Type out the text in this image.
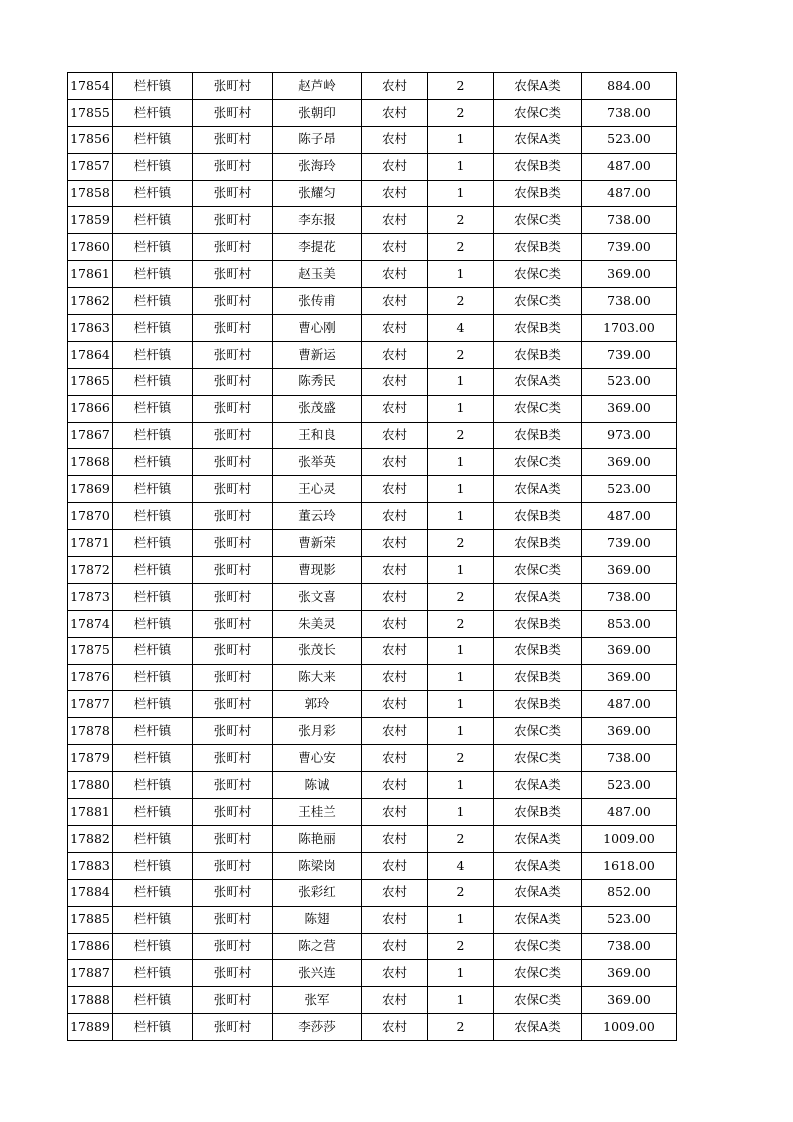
17854	栏杆镇	张町村	赵芦岭	农村	2	农保A类	884.00
17855	栏杆镇	张町村	张朝印	农村	2	农保C类	738.00
17856	栏杆镇	张町村	陈子昂	农村	1	农保A类	523.00
17857	栏杆镇	张町村	张海玲	农村	1	农保B类	487.00
17858	栏杆镇	张町村	张耀匀	农村	1	农保B类	487.00
17859	栏杆镇	张町村	李东报	农村	2	农保C类	738.00
17860	栏杆镇	张町村	李提花	农村	2	农保B类	739.00
17861	栏杆镇	张町村	赵玉美	农村	1	农保C类	369.00
17862	栏杆镇	张町村	张传甫	农村	2	农保C类	738.00
17863	栏杆镇	张町村	曹心刚	农村	4	农保B类	1703.00
17864	栏杆镇	张町村	曹新运	农村	2	农保B类	739.00
17865	栏杆镇	张町村	陈秀民	农村	1	农保A类	523.00
17866	栏杆镇	张町村	张茂盛	农村	1	农保C类	369.00
17867	栏杆镇	张町村	王和良	农村	2	农保B类	973.00
17868	栏杆镇	张町村	张举英	农村	1	农保C类	369.00
17869	栏杆镇	张町村	王心灵	农村	1	农保A类	523.00
17870	栏杆镇	张町村	董云玲	农村	1	农保B类	487.00
17871	栏杆镇	张町村	曹新荣	农村	2	农保B类	739.00
17872	栏杆镇	张町村	曹现影	农村	1	农保C类	369.00
17873	栏杆镇	张町村	张文喜	农村	2	农保A类	738.00
17874	栏杆镇	张町村	朱美灵	农村	2	农保B类	853.00
17875	栏杆镇	张町村	张茂长	农村	1	农保B类	369.00
17876	栏杆镇	张町村	陈大来	农村	1	农保B类	369.00
17877	栏杆镇	张町村	郭玲	农村	1	农保B类	487.00
17878	栏杆镇	张町村	张月彩	农村	1	农保C类	369.00
17879	栏杆镇	张町村	曹心安	农村	2	农保C类	738.00
17880	栏杆镇	张町村	陈诚	农村	1	农保A类	523.00
17881	栏杆镇	张町村	王桂兰	农村	1	农保B类	487.00
17882	栏杆镇	张町村	陈艳丽	农村	2	农保A类	1009.00
17883	栏杆镇	张町村	陈梁岗	农村	4	农保A类	1618.00
17884	栏杆镇	张町村	张彩红	农村	2	农保A类	852.00
17885	栏杆镇	张町村	陈翅	农村	1	农保A类	523.00
17886	栏杆镇	张町村	陈之营	农村	2	农保C类	738.00
17887	栏杆镇	张町村	张兴连	农村	1	农保C类	369.00
17888	栏杆镇	张町村	张军	农村	1	农保C类	369.00
17889	栏杆镇	张町村	李莎莎	农村	2	农保A类	1009.00
